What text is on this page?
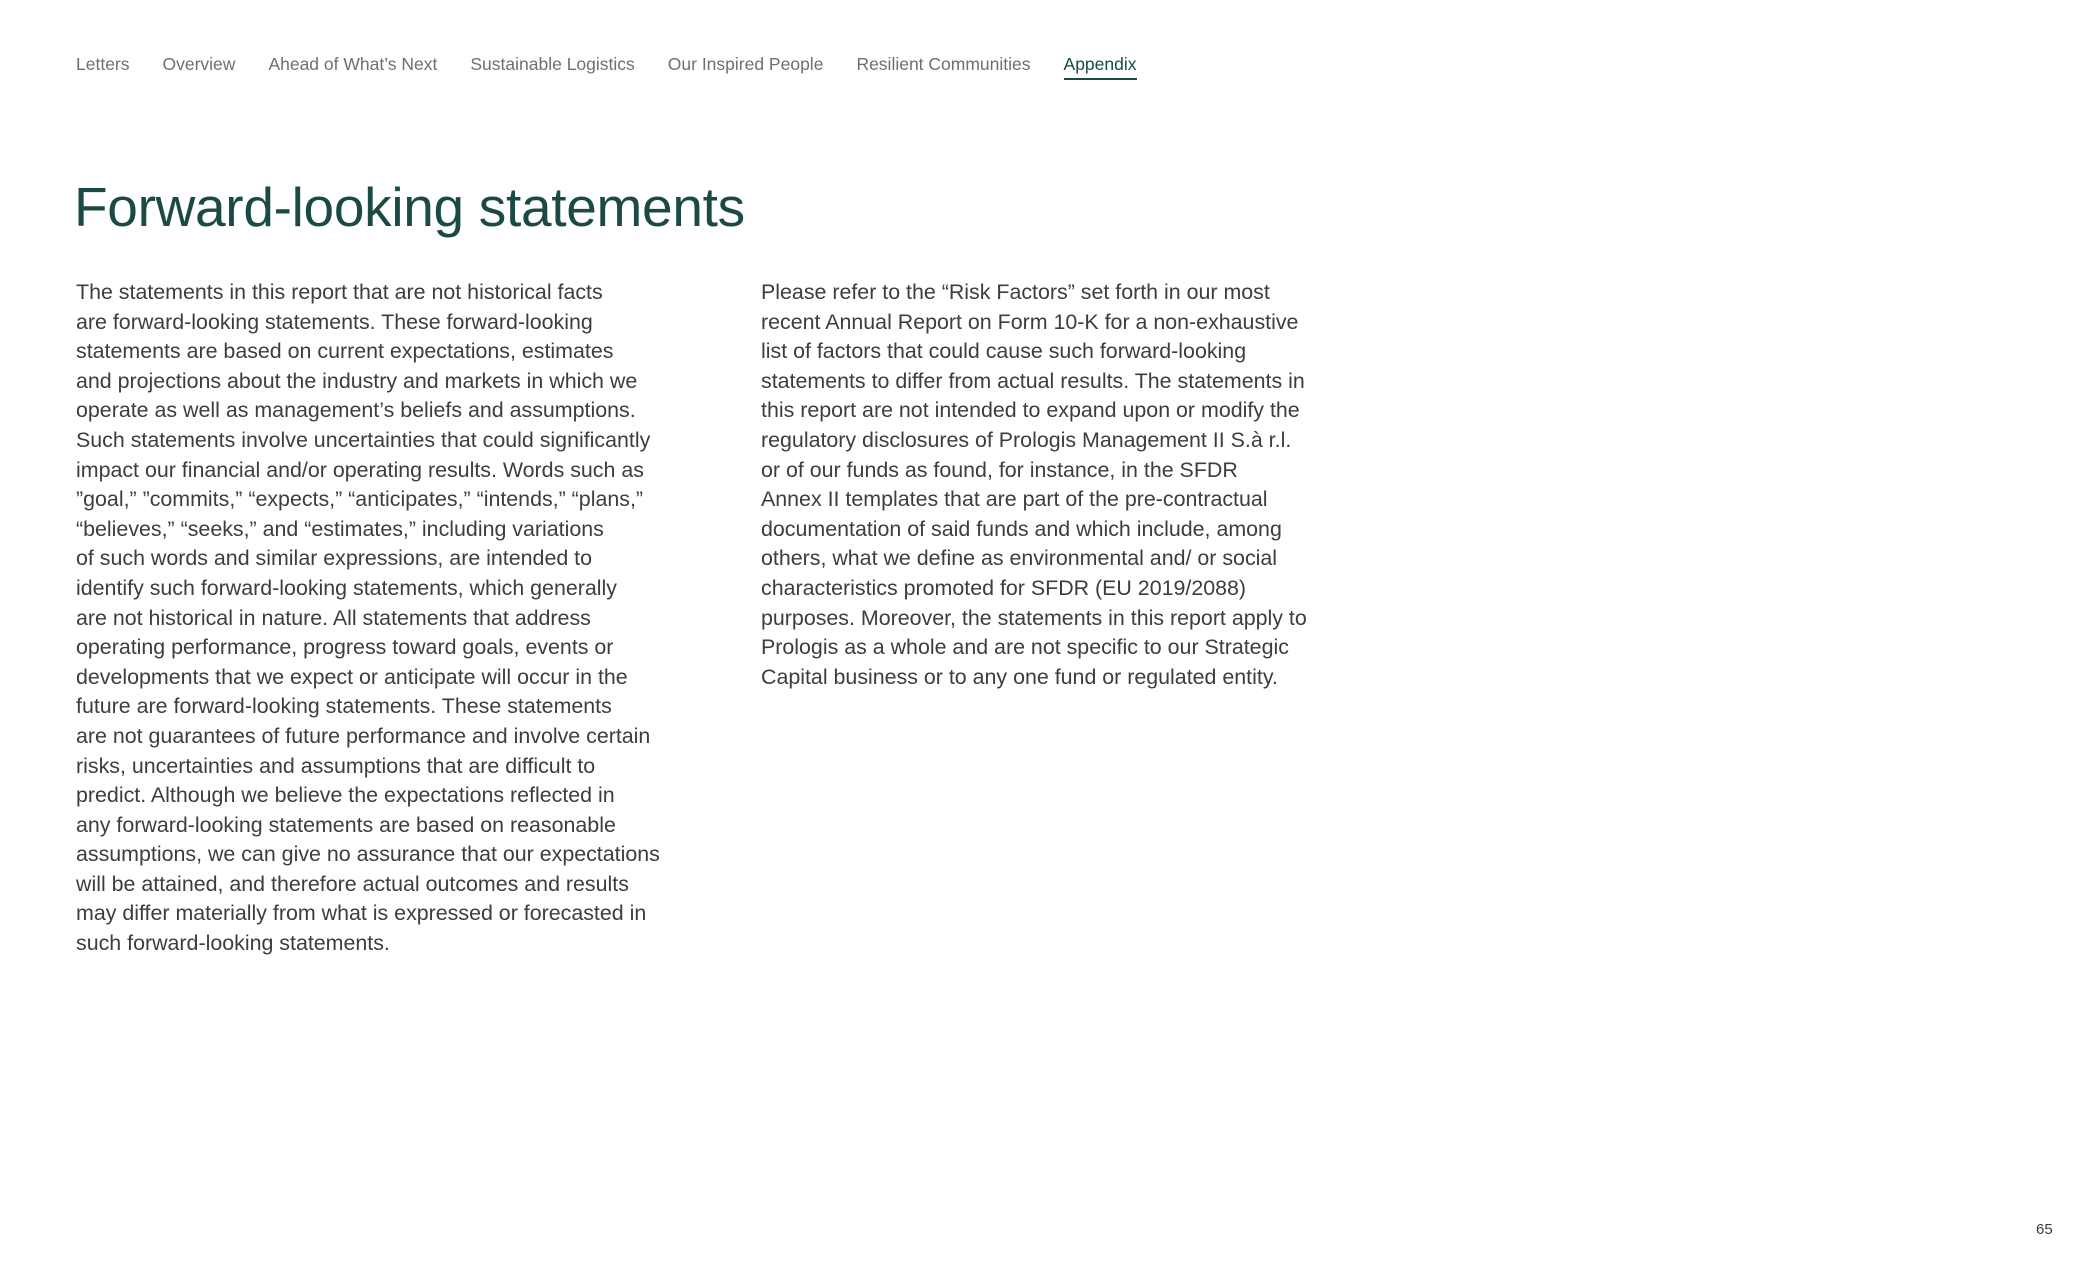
Letters Overview Ahead of What’s Next Sustainable Logistics Our Inspired People Resilient Communities Appendix
Forward-looking statements
The statements in this report that are not historical facts
are forward-looking statements. These forward-looking
statements are based on current expectations, estimates
and projections about the industry and markets in which we
operate as well as management’s beliefs and assumptions.
Such statements involve uncertainties that could significantly
impact our financial and/or operating results. Words such as
”goal,” ”commits,” “expects,” “anticipates,” “intends,” “plans,”
“believes,” “seeks,” and “estimates,” including variations
of such words and similar expressions, are intended to
identify such forward-looking statements, which generally
are not historical in nature. All statements that address
operating performance, progress toward goals, events or
developments that we expect or anticipate will occur in the
future are forward-looking statements. These statements
are not guarantees of future performance and involve certain
risks, uncertainties and assumptions that are difficult to
predict. Although we believe the expectations reflected in
any forward-looking statements are based on reasonable
assumptions, we can give no assurance that our expectations
will be attained, and therefore actual outcomes and results
may differ materially from what is expressed or forecasted in
such forward-looking statements.
Please refer to the “Risk Factors” set forth in our most
recent Annual Report on Form 10-K for a non-exhaustive
list of factors that could cause such forward-looking
statements to differ from actual results. The statements in
this report are not intended to expand upon or modify the
regulatory disclosures of Prologis Management II S.à r.l.
or of our funds as found, for instance, in the SFDR
Annex II templates that are part of the pre-contractual
documentation of said funds and which include, among
others, what we define as environmental and/ or social
characteristics promoted for SFDR (EU 2019/2088)
purposes. Moreover, the statements in this report apply to
Prologis as a whole and are not specific to our Strategic
Capital business or to any one fund or regulated entity.
65
